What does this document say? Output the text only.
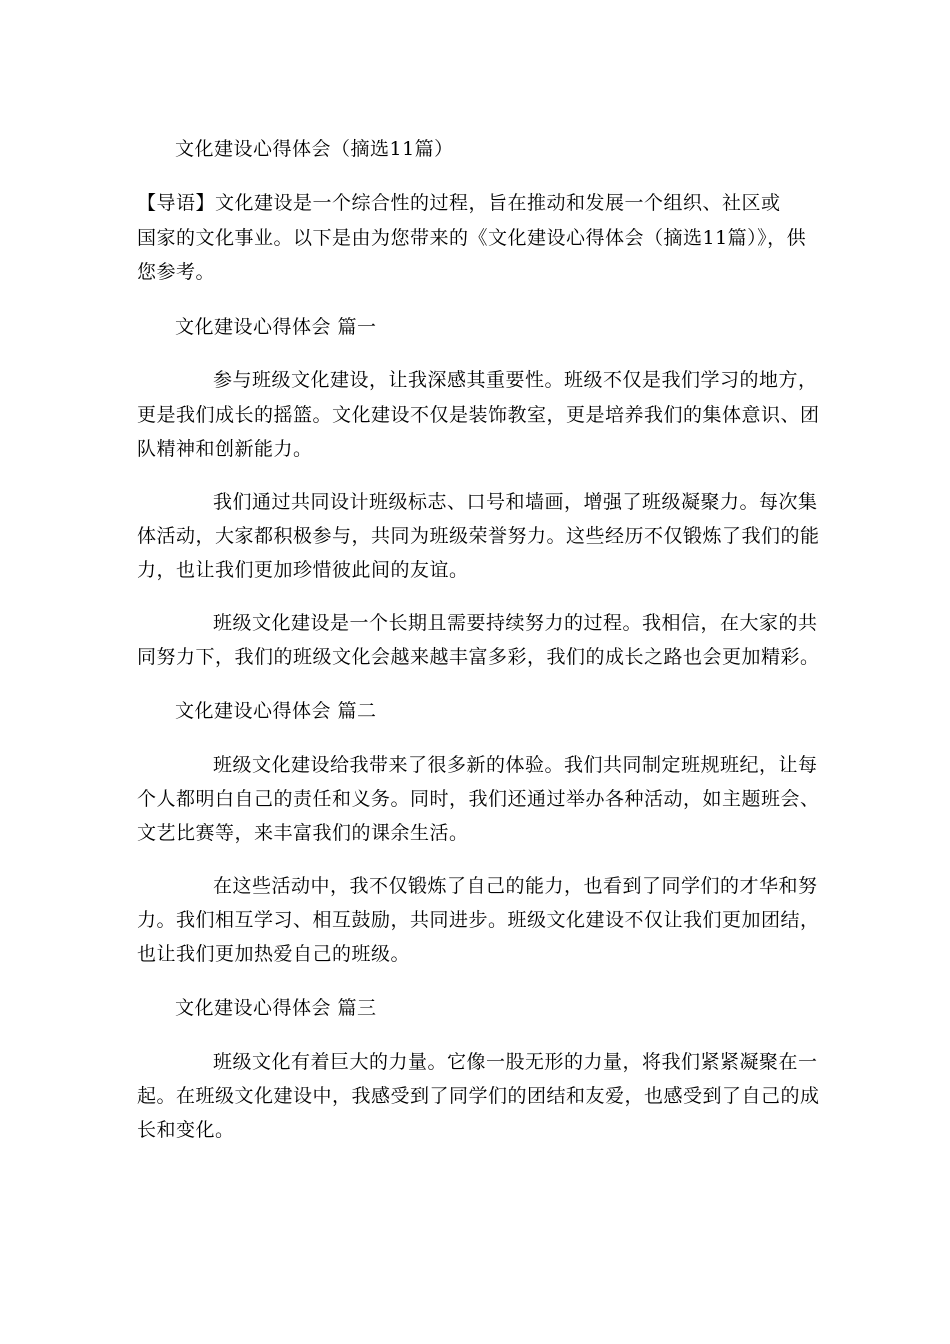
文化建设心得体会（摘选11篇）
【导语】文化建设是一个综合性的过程，旨在推动和发展一个组织、社区或
国家的文化事业。以下是由为您带来的《文化建设心得体会（摘选11篇）》，供
您参考。
文化建设心得体会 篇一
参与班级文化建设，让我深感其重要性。班级不仅是我们学习的地方，
更是我们成长的摇篮。文化建设不仅是装饰教室，更是培养我们的集体意识、团
队精神和创新能力。
我们通过共同设计班级标志、口号和墙画，增强了班级凝聚力。每次集
体活动，大家都积极参与，共同为班级荣誉努力。这些经历不仅锻炼了我们的能
力，也让我们更加珍惜彼此间的友谊。
班级文化建设是一个长期且需要持续努力的过程。我相信，在大家的共
同努力下，我们的班级文化会越来越丰富多彩，我们的成长之路也会更加精彩。
文化建设心得体会 篇二
班级文化建设给我带来了很多新的体验。我们共同制定班规班纪，让每
个人都明白自己的责任和义务。同时，我们还通过举办各种活动，如主题班会、
文艺比赛等，来丰富我们的课余生活。
在这些活动中，我不仅锻炼了自己的能力，也看到了同学们的才华和努
力。我们相互学习、相互鼓励，共同进步。班级文化建设不仅让我们更加团结，
也让我们更加热爱自己的班级。
文化建设心得体会 篇三
班级文化有着巨大的力量。它像一股无形的力量，将我们紧紧凝聚在一
起。在班级文化建设中，我感受到了同学们的团结和友爱，也感受到了自己的成
长和变化。
